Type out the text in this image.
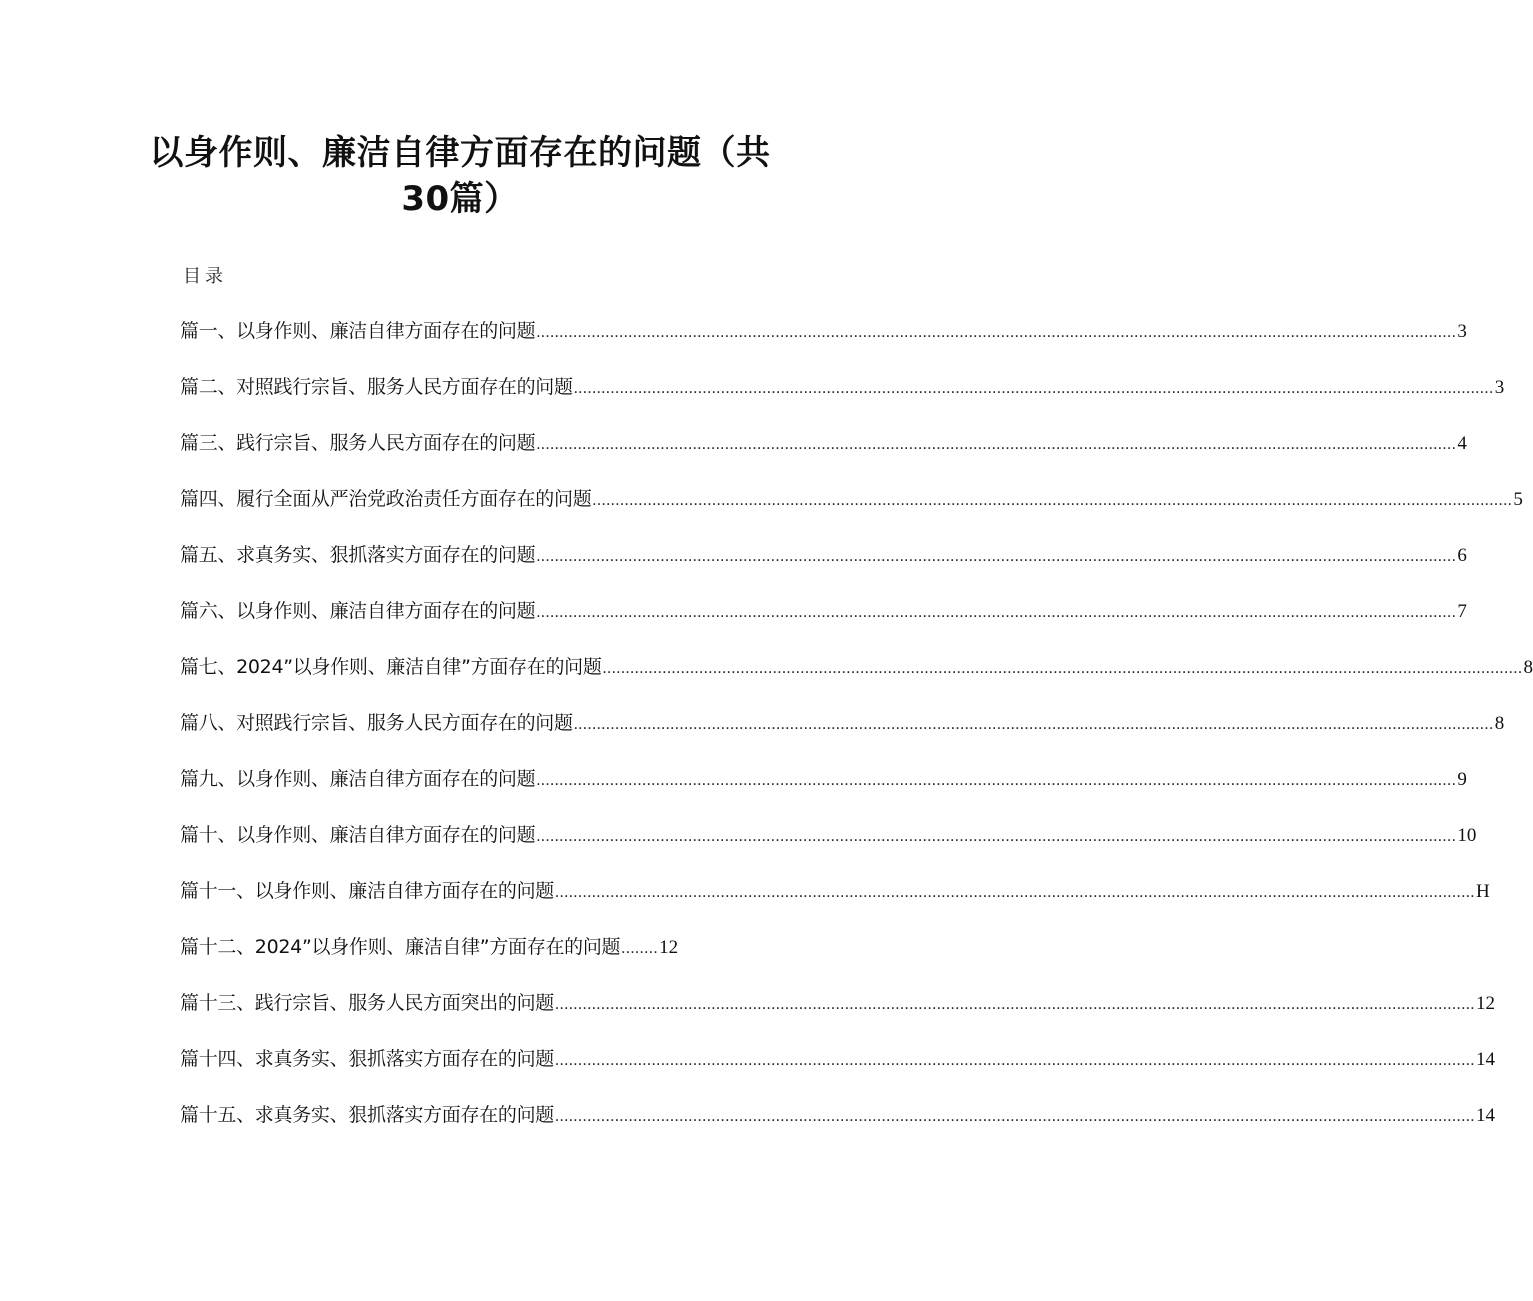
以身作则、廉洁自律方面存在的问题（共30篇）
目录
篇一、以身作则、廉洁自律方面存在的问题 ........................................................................................................................................................................................................ 3
篇二、对照践行宗旨、服务人民方面存在的问题 ........................................................................................................................................................................................................ 3
篇三、践行宗旨、服务人民方面存在的问题 ........................................................................................................................................................................................................ 4
篇四、履行全面从严治党政治责任方面存在的问题 ........................................................................................................................................................................................................ 5
篇五、求真务实、狠抓落实方面存在的问题 ........................................................................................................................................................................................................ 6
篇六、以身作则、廉洁自律方面存在的问题 ........................................................................................................................................................................................................ 7
篇七、2024”以身作则、廉洁自律”方面存在的问题 ........................................................................................................................................................................................................ 8
篇八、对照践行宗旨、服务人民方面存在的问题 ........................................................................................................................................................................................................ 8
篇九、以身作则、廉洁自律方面存在的问题 ........................................................................................................................................................................................................ 9
篇十、以身作则、廉洁自律方面存在的问题 ........................................................................................................................................................................................................ 10
篇十一、以身作则、廉洁自律方面存在的问题 ........................................................................................................................................................................................................ H
篇十二、2024”以身作则、廉洁自律”方面存在的问题 ........ 12
篇十三、践行宗旨、服务人民方面突出的问题 ........................................................................................................................................................................................................ 12
篇十四、求真务实、狠抓落实方面存在的问题 ........................................................................................................................................................................................................ 14
篇十五、求真务实、狠抓落实方面存在的问题 ........................................................................................................................................................................................................ 14
